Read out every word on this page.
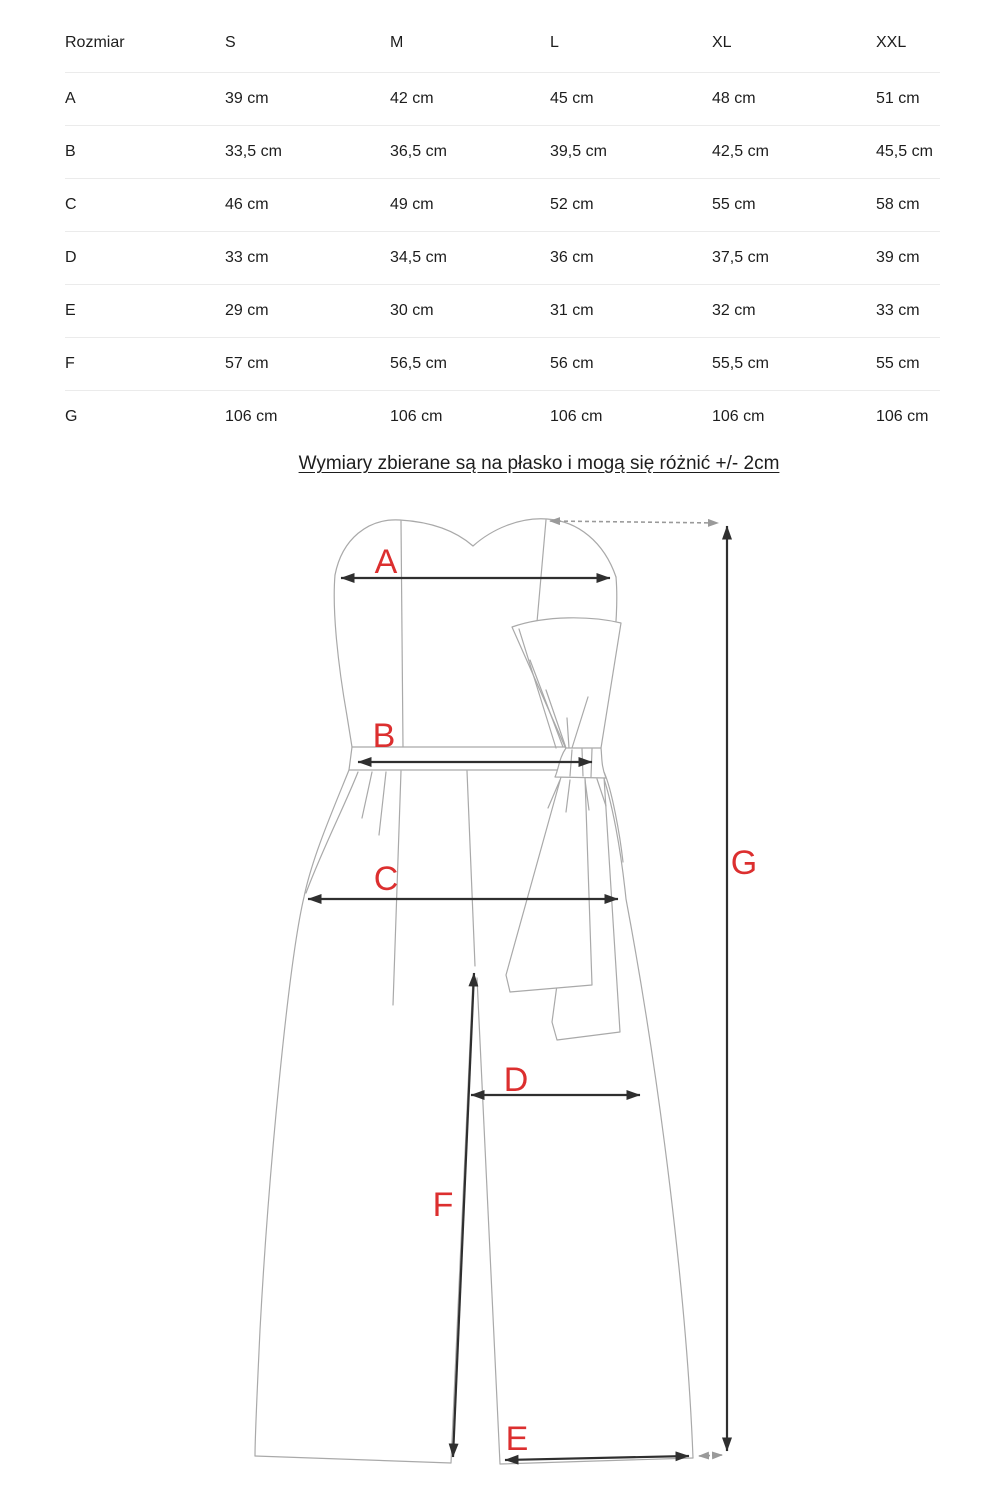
Rozmiar	S	M	L	XL	XXL
A	39 cm	42 cm	45 cm	48 cm	51 cm
B	33,5 cm	36,5 cm	39,5 cm	42,5 cm	45,5 cm
C	46 cm	49 cm	52 cm	55 cm	58 cm
D	33 cm	34,5 cm	36 cm	37,5 cm	39 cm
E	29 cm	30 cm	31 cm	32 cm	33 cm
F	57 cm	56,5 cm	56 cm	55,5 cm	55 cm
G	106 cm	106 cm	106 cm	106 cm	106 cm
Wymiary zbierane są na płasko i mogą się różnić +/- 2cm
A
B
C
D
E
F
G
